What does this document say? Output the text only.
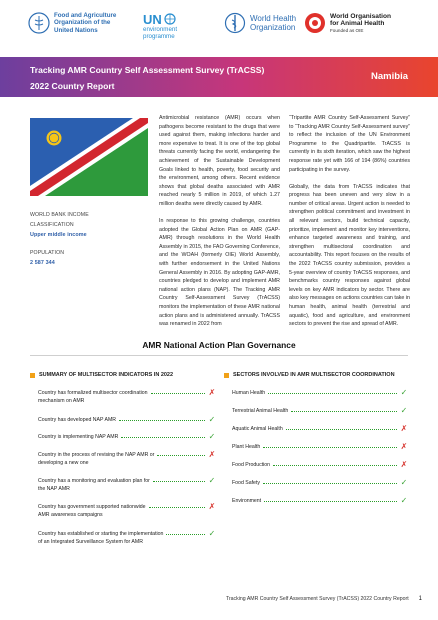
Food and Agriculture
Organization of the
United Nations
UN
environment
programme
World Health
Organization
World Organisation
for Animal Health
Founded as OIE
Tracking AMR Country Self Assessment Survey (TrACSS)
2022 Country Report
Namibia
WORLD BANK INCOME
CLASSIFICATION
Upper middle income
POPULATION
2 587 344

Antimicrobial resistance (AMR) occurs when pathogens become resistant to the drugs that were used against them, making infections harder and more expensive to treat. It is one of the top global threats currently facing the world, endangering the achievement of the Sustainable Development Goals linked to health, poverty, food security and the environment, among others. Recent evidence shows that global deaths associated with AMR reached nearly 5 million in 2019, of which 1.27 million deaths were directly caused by AMR.

In response to this growing challenge, countries adopted the Global Action Plan on AMR (GAP-AMR) through resolutions in the World Health Assembly in 2015, the FAO Governing Conference, and the WOAH (formerly OIE) World Assembly, with further endorsement in the United Nations General Assembly in 2016. By adopting GAP-AMR, countries pledged to develop and implement AMR national action plans (NAP). The Tracking AMR Country Self-Assessment Survey (TrACSS) monitors the implementation of these AMR national action plans and is administered annually. TrACSS was renamed in 2022 from

“Tripartite AMR Country Self-Assessment Survey” to “Tracking AMR Country Self-Assessment survey” to reflect the inclusion of the UN Environment Programme to the Quadripartite. TrACSS is currently in its sixth iteration, which saw the highest response rate yet with 166 of 194 (86%) countries participating in the survey.

Globally, the data from TrACSS indicates that progress has been uneven and very slow in a number of critical areas. Urgent action is needed to strengthen political commitment and investment in all relevant sectors, build technical capacity, prioritize, implement and monitor key interventions, enhance targeted awareness and training, and strengthen multisectoral coordination and accountability. This report focuses on the results of the 2022 TrACSS country submission, provides a 5-year overview of country TrACSS responses, and benchmarks country responses against global levels on key AMR indicators by sector. There are also key messages on actions countries can take in human health, animal health (terrestrial and aquatic), food and agriculture, and environment sectors to prevent the rise and spread of AMR.

AMR National Action Plan Governance
SUMMARY OF MULTISECTOR INDICATORS IN 2022	SECTORS INVOLVED IN AMR MULTISECTOR COORDINATION
Country has formalized multisector coordination
mechanism on AMR
✗
Country has developed NAP AMR	✓
Country is implementing NAP AMR	✓
Country in the process of revising the NAP AMR or
developing a new one
✗
Country has a monitoring and evaluation plan for
the NAP AMR
✓
Country has government supported nationwide
AMR awareness campaigns
✗
Country has established or starting the implementation
of an Integrated Surveillance System for AMR
✓
Human Health	✓
Terrestrial Animal Health	✓
Aquatic Animal Health	✗
Plant Health	✗
Food Production	✗
Food Safety	✓
Environment	✓
Tracking AMR Country Self Assessment Survey (TrACSS) 2022 Country Report 1
